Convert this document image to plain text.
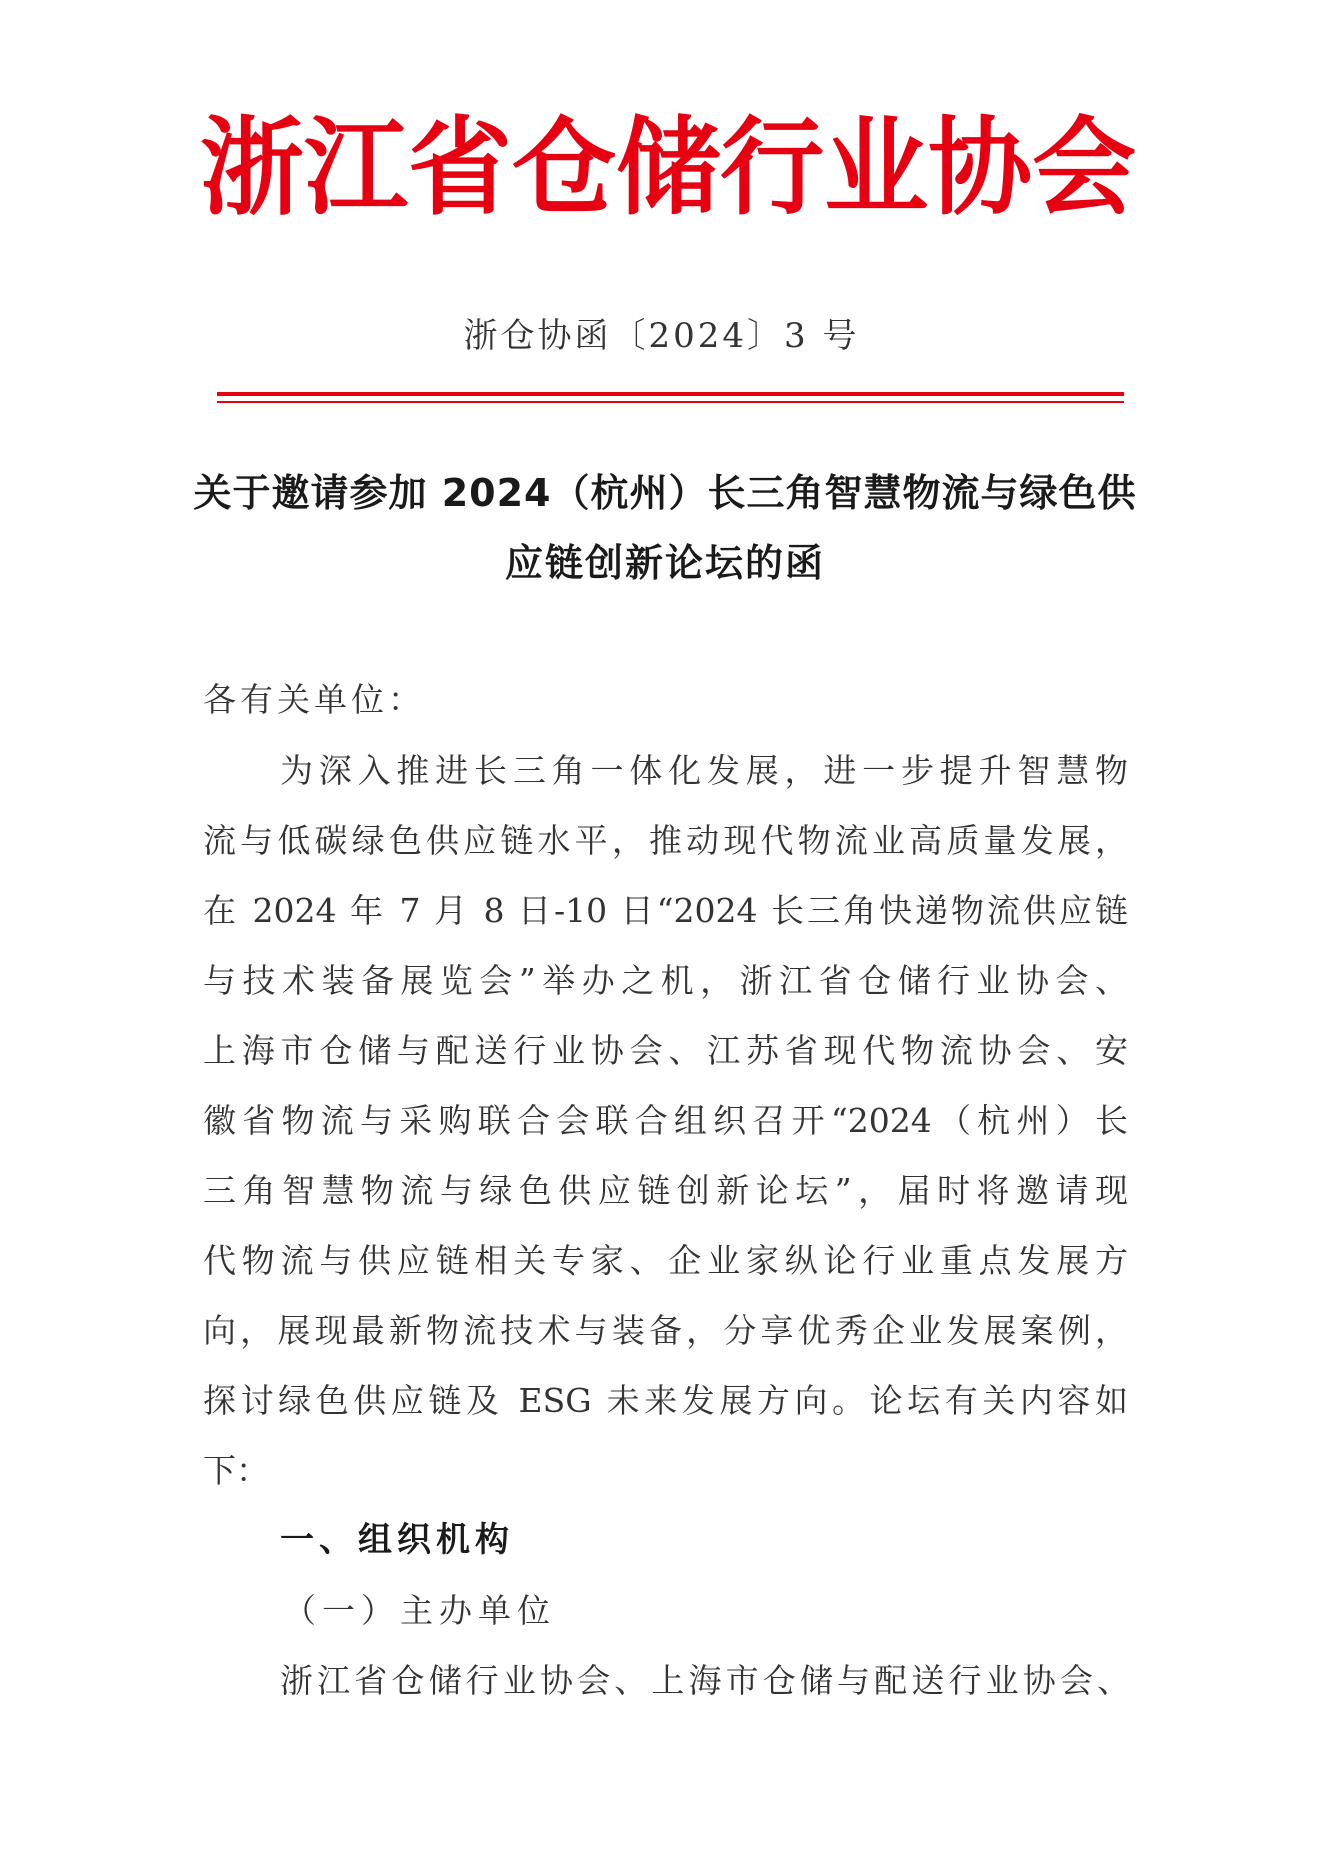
浙 江 省 仓 储 行 业 协 会
浙仓协函〔2024〕3 号
关于邀请参加 2024（杭州）长三角智慧物流与绿色供
应链创新论坛的函
各有关单位：
为深入推进长三角一体化发展，进一步提升智慧物
流与低碳绿色供应链水平，推动现代物流业高质量发展，
在 2024 年 7 月 8 日-10 日“2024 长三角快递物流供应链
与技术装备展览会”举办之机，浙江省仓储行业协会、
上海市仓储与配送行业协会、江苏省现代物流协会、安
徽省物流与采购联合会联合组织召开“2024（杭州）长
三角智慧物流与绿色供应链创新论坛”，届时将邀请现
代物流与供应链相关专家、企业家纵论行业重点发展方
向，展现最新物流技术与装备，分享优秀企业发展案例，
探讨绿色供应链及 ESG 未来发展方向。论坛有关内容如
下：
一、组织机构
（一）主办单位
浙江省仓储行业协会、上海市仓储与配送行业协会、
